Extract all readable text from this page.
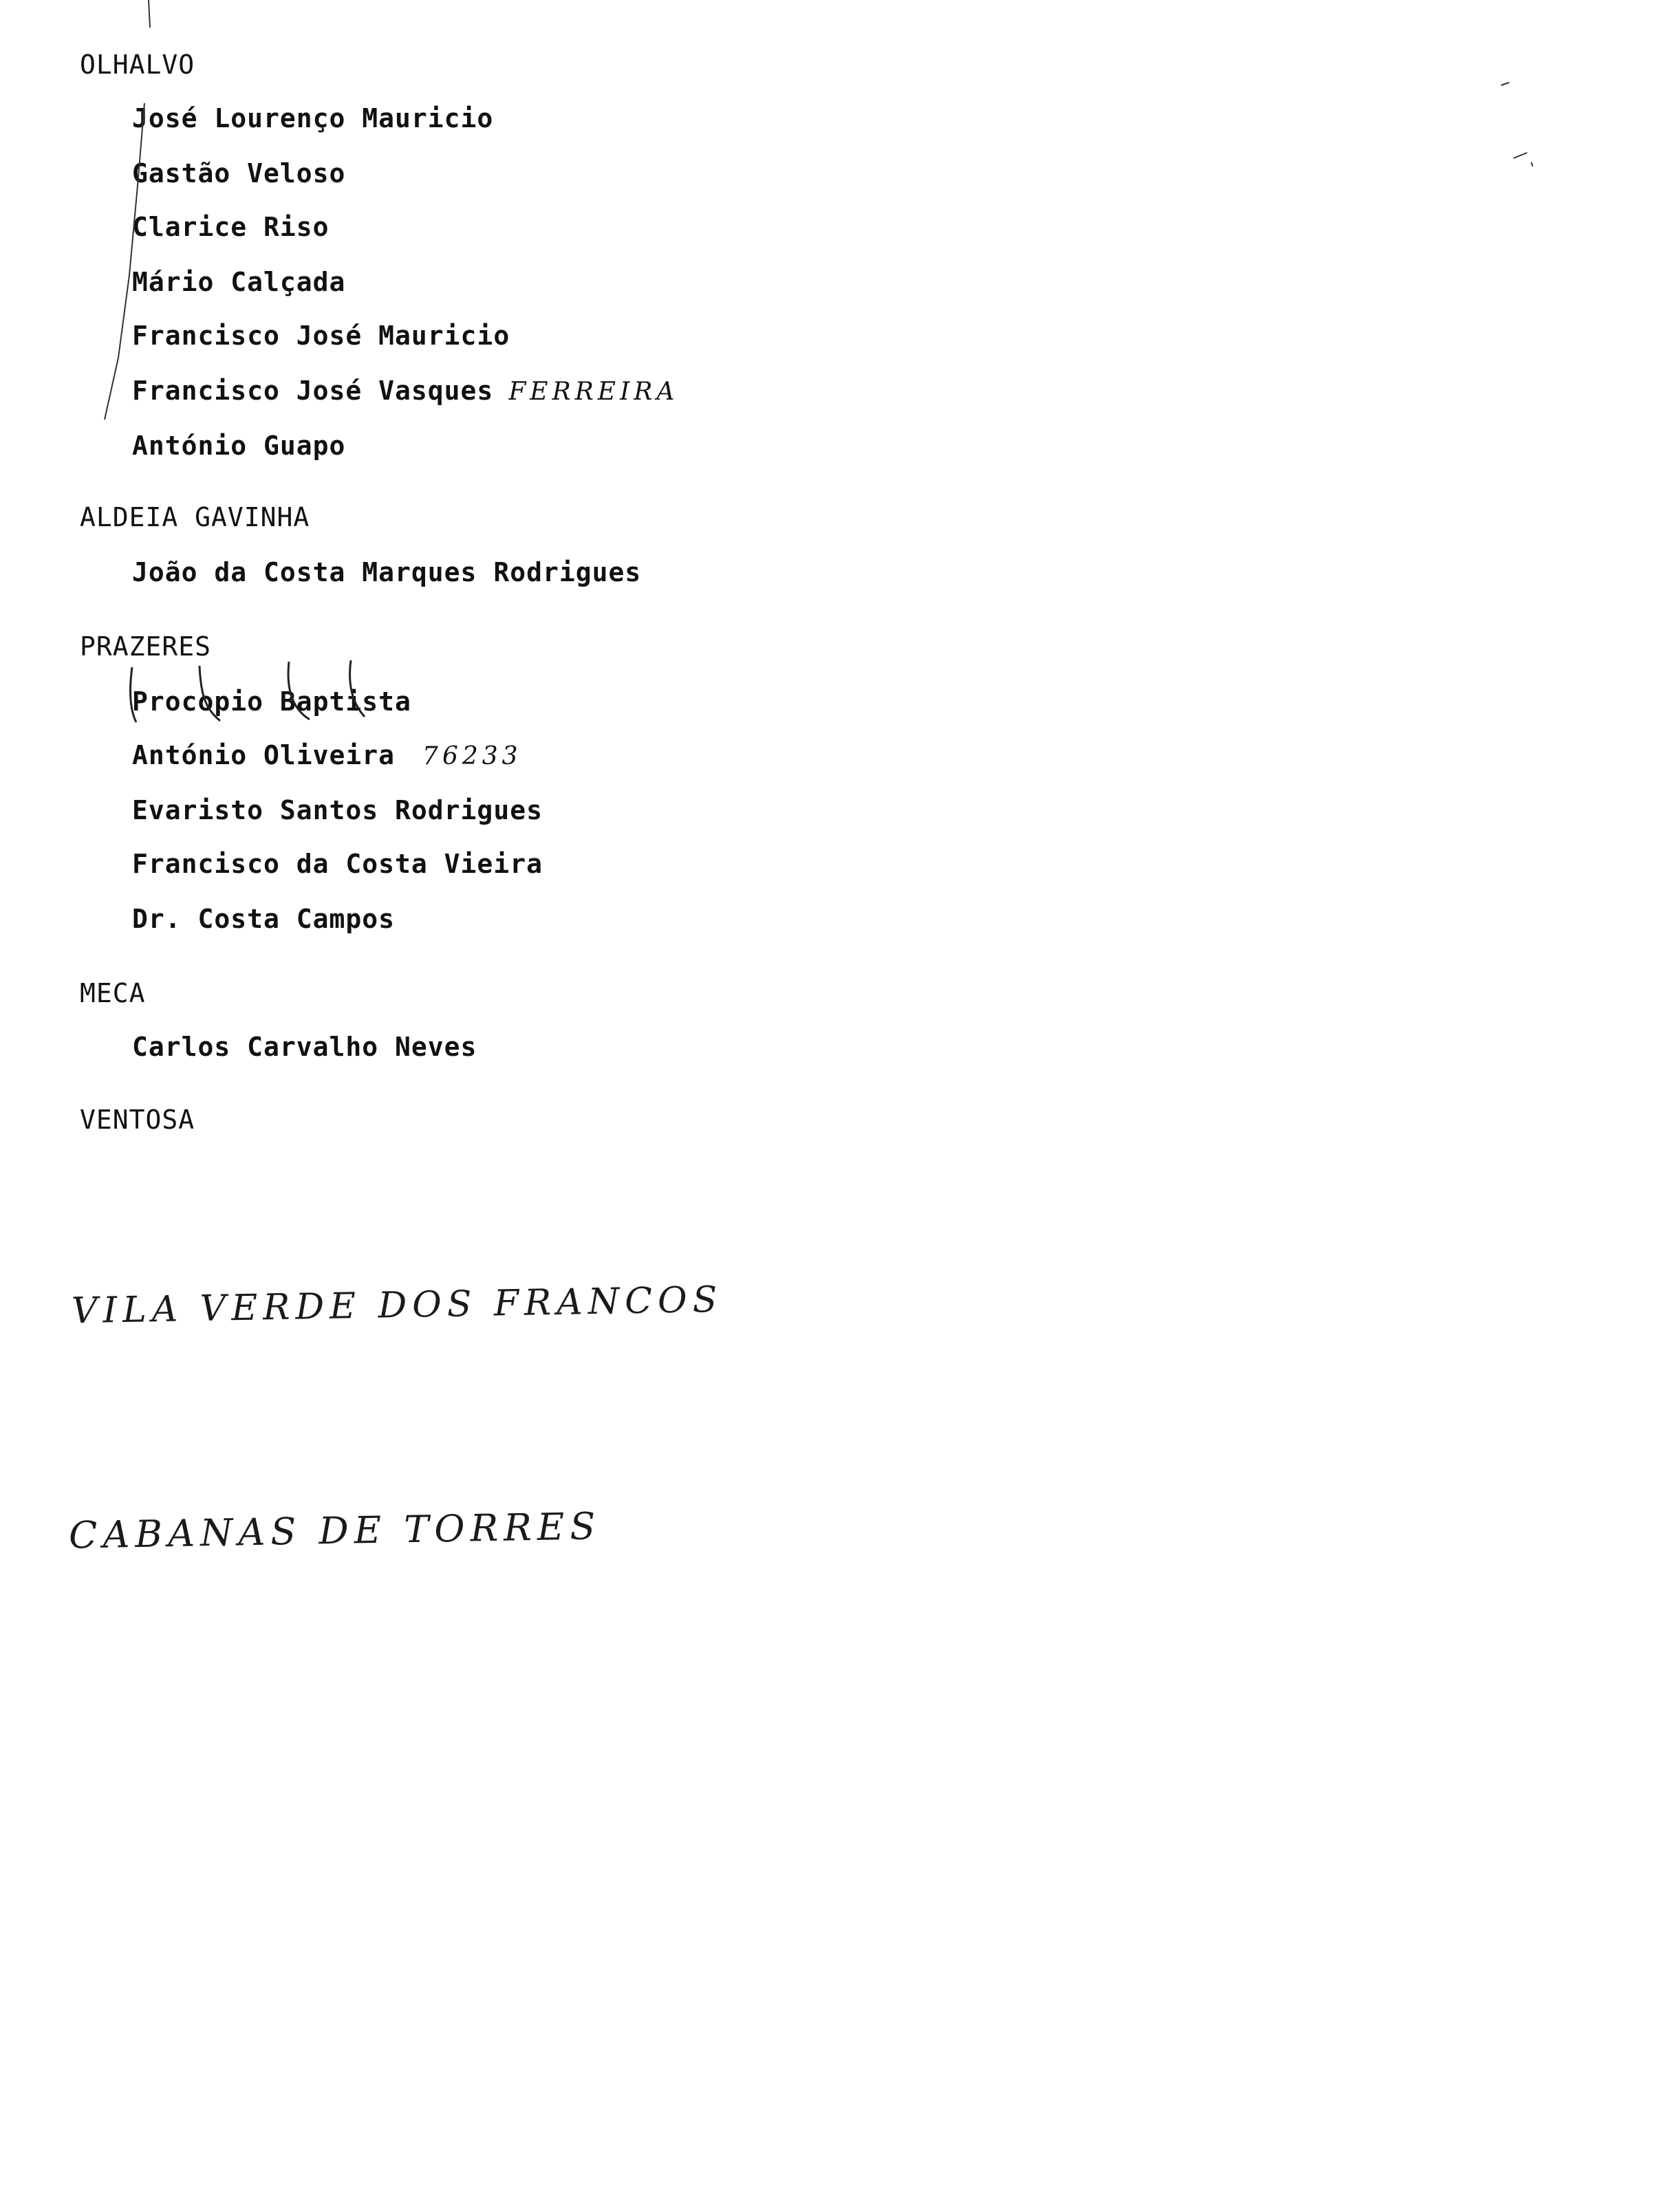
OLHALVO
José Lourenço Mauricio
Gastão Veloso
Clarice Riso
Mário Calçada
Francisco José Mauricio
Francisco José Vasques FERREIRA
António Guapo
ALDEIA GAVINHA
João da Costa Marques Rodrigues
PRAZERES
Procopio Baptista
António Oliveira 76233
Evaristo Santos Rodrigues
Francisco da Costa Vieira
Dr. Costa Campos
MECA
Carlos Carvalho Neves
VENTOSA
VILA VERDE DOS FRANCOS
CABANAS DE TORRES
